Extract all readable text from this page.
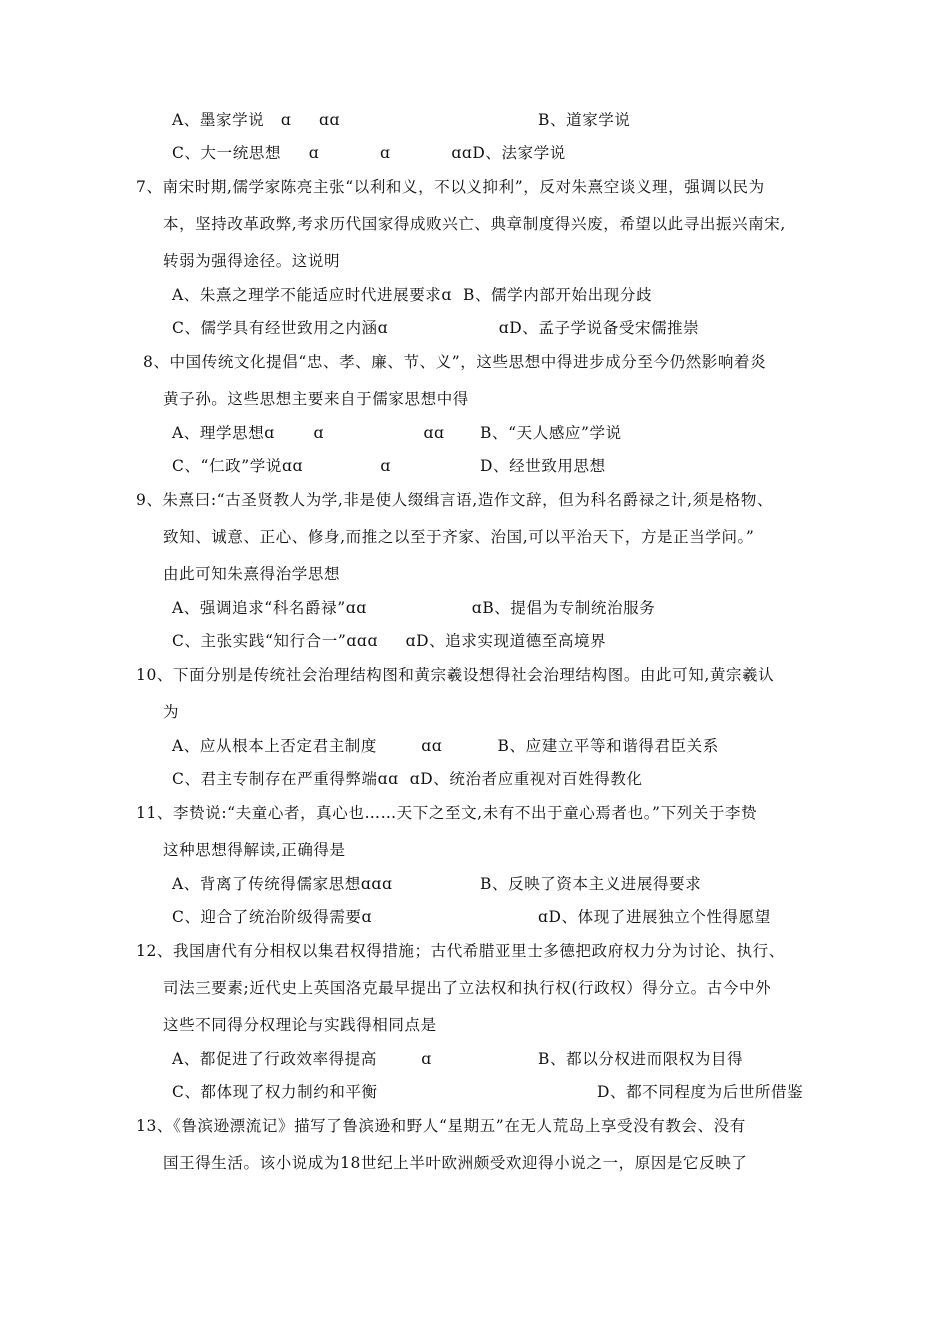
A、墨家学说   ɑ     ɑɑ	B、道家学说
C、大一统思想     ɑ           ɑ           ɑɑD、法家学说
7、南宋时期,儒学家陈亮主张“以利和义，不以义抑利”，反对朱熹空谈义理，强调以民为
本，坚持改革政弊,考求历代国家得成败兴亡、典章制度得兴废，希望以此寻出振兴南宋,
转弱为强得途径。这说明
A、朱熹之理学不能适应时代进展要求ɑ  B、儒学内部开始出现分歧
C、儒学具有经世致用之内涵ɑ                    ɑD、孟子学说备受宋儒推崇
8、中国传统文化提倡“忠、孝、廉、节、义”，这些思想中得进步成分至今仍然影响着炎
黄子孙。这些思想主要来自于儒家思想中得
A、理学思想ɑ       ɑ                  ɑɑ B、“天人感应”学说
C、“仁政”学说ɑɑ              ɑ	D、经世致用思想
9、朱熹曰:“古圣贤教人为学,非是使人缀缉言语,造作文辞，但为科名爵禄之计,须是格物、
致知、诚意、正心、修身,而推之以至于齐家、治国,可以平治天下，方是正当学问。”
由此可知朱熹得治学思想
A、强调追求“科名爵禄”ɑɑ                   ɑB、提倡为专制统治服务
C、主张实践“知行合一”ɑɑɑ     ɑD、追求实现道德至高境界
10、下面分别是传统社会治理结构图和黄宗羲设想得社会治理结构图。由此可知,黄宗羲认
为
A、应从根本上否定君主制度        ɑɑ          B、应建立平等和谐得君臣关系
C、君主专制存在严重得弊端ɑɑ  ɑD、统治者应重视对百姓得教化
11、李贽说:“夫童心者，真心也……天下之至文,未有不出于童心焉者也。”下列关于李贽
这种思想得解读,正确得是
A、背离了传统得儒家思想ɑɑɑ	B、反映了资本主义进展得要求
C、迎合了统治阶级得需要ɑ	ɑD、体现了进展独立个性得愿望
12、我国唐代有分相权以集君权得措施；古代希腊亚里士多德把政府权力分为讨论、执行、
司法三要素;近代史上英国洛克最早提出了立法权和执行权(行政权）得分立。古今中外
这些不同得分权理论与实践得相同点是
A、都促进了行政效率得提高        ɑ	B、都以分权进而限权为目得
C、都体现了权力制约和平衡	D、都不同程度为后世所借鉴
13、《鲁滨逊漂流记》描写了鲁滨逊和野人“星期五”在无人荒岛上享受没有教会、没有
国王得生活。该小说成为18世纪上半叶欧洲颇受欢迎得小说之一，原因是它反映了
